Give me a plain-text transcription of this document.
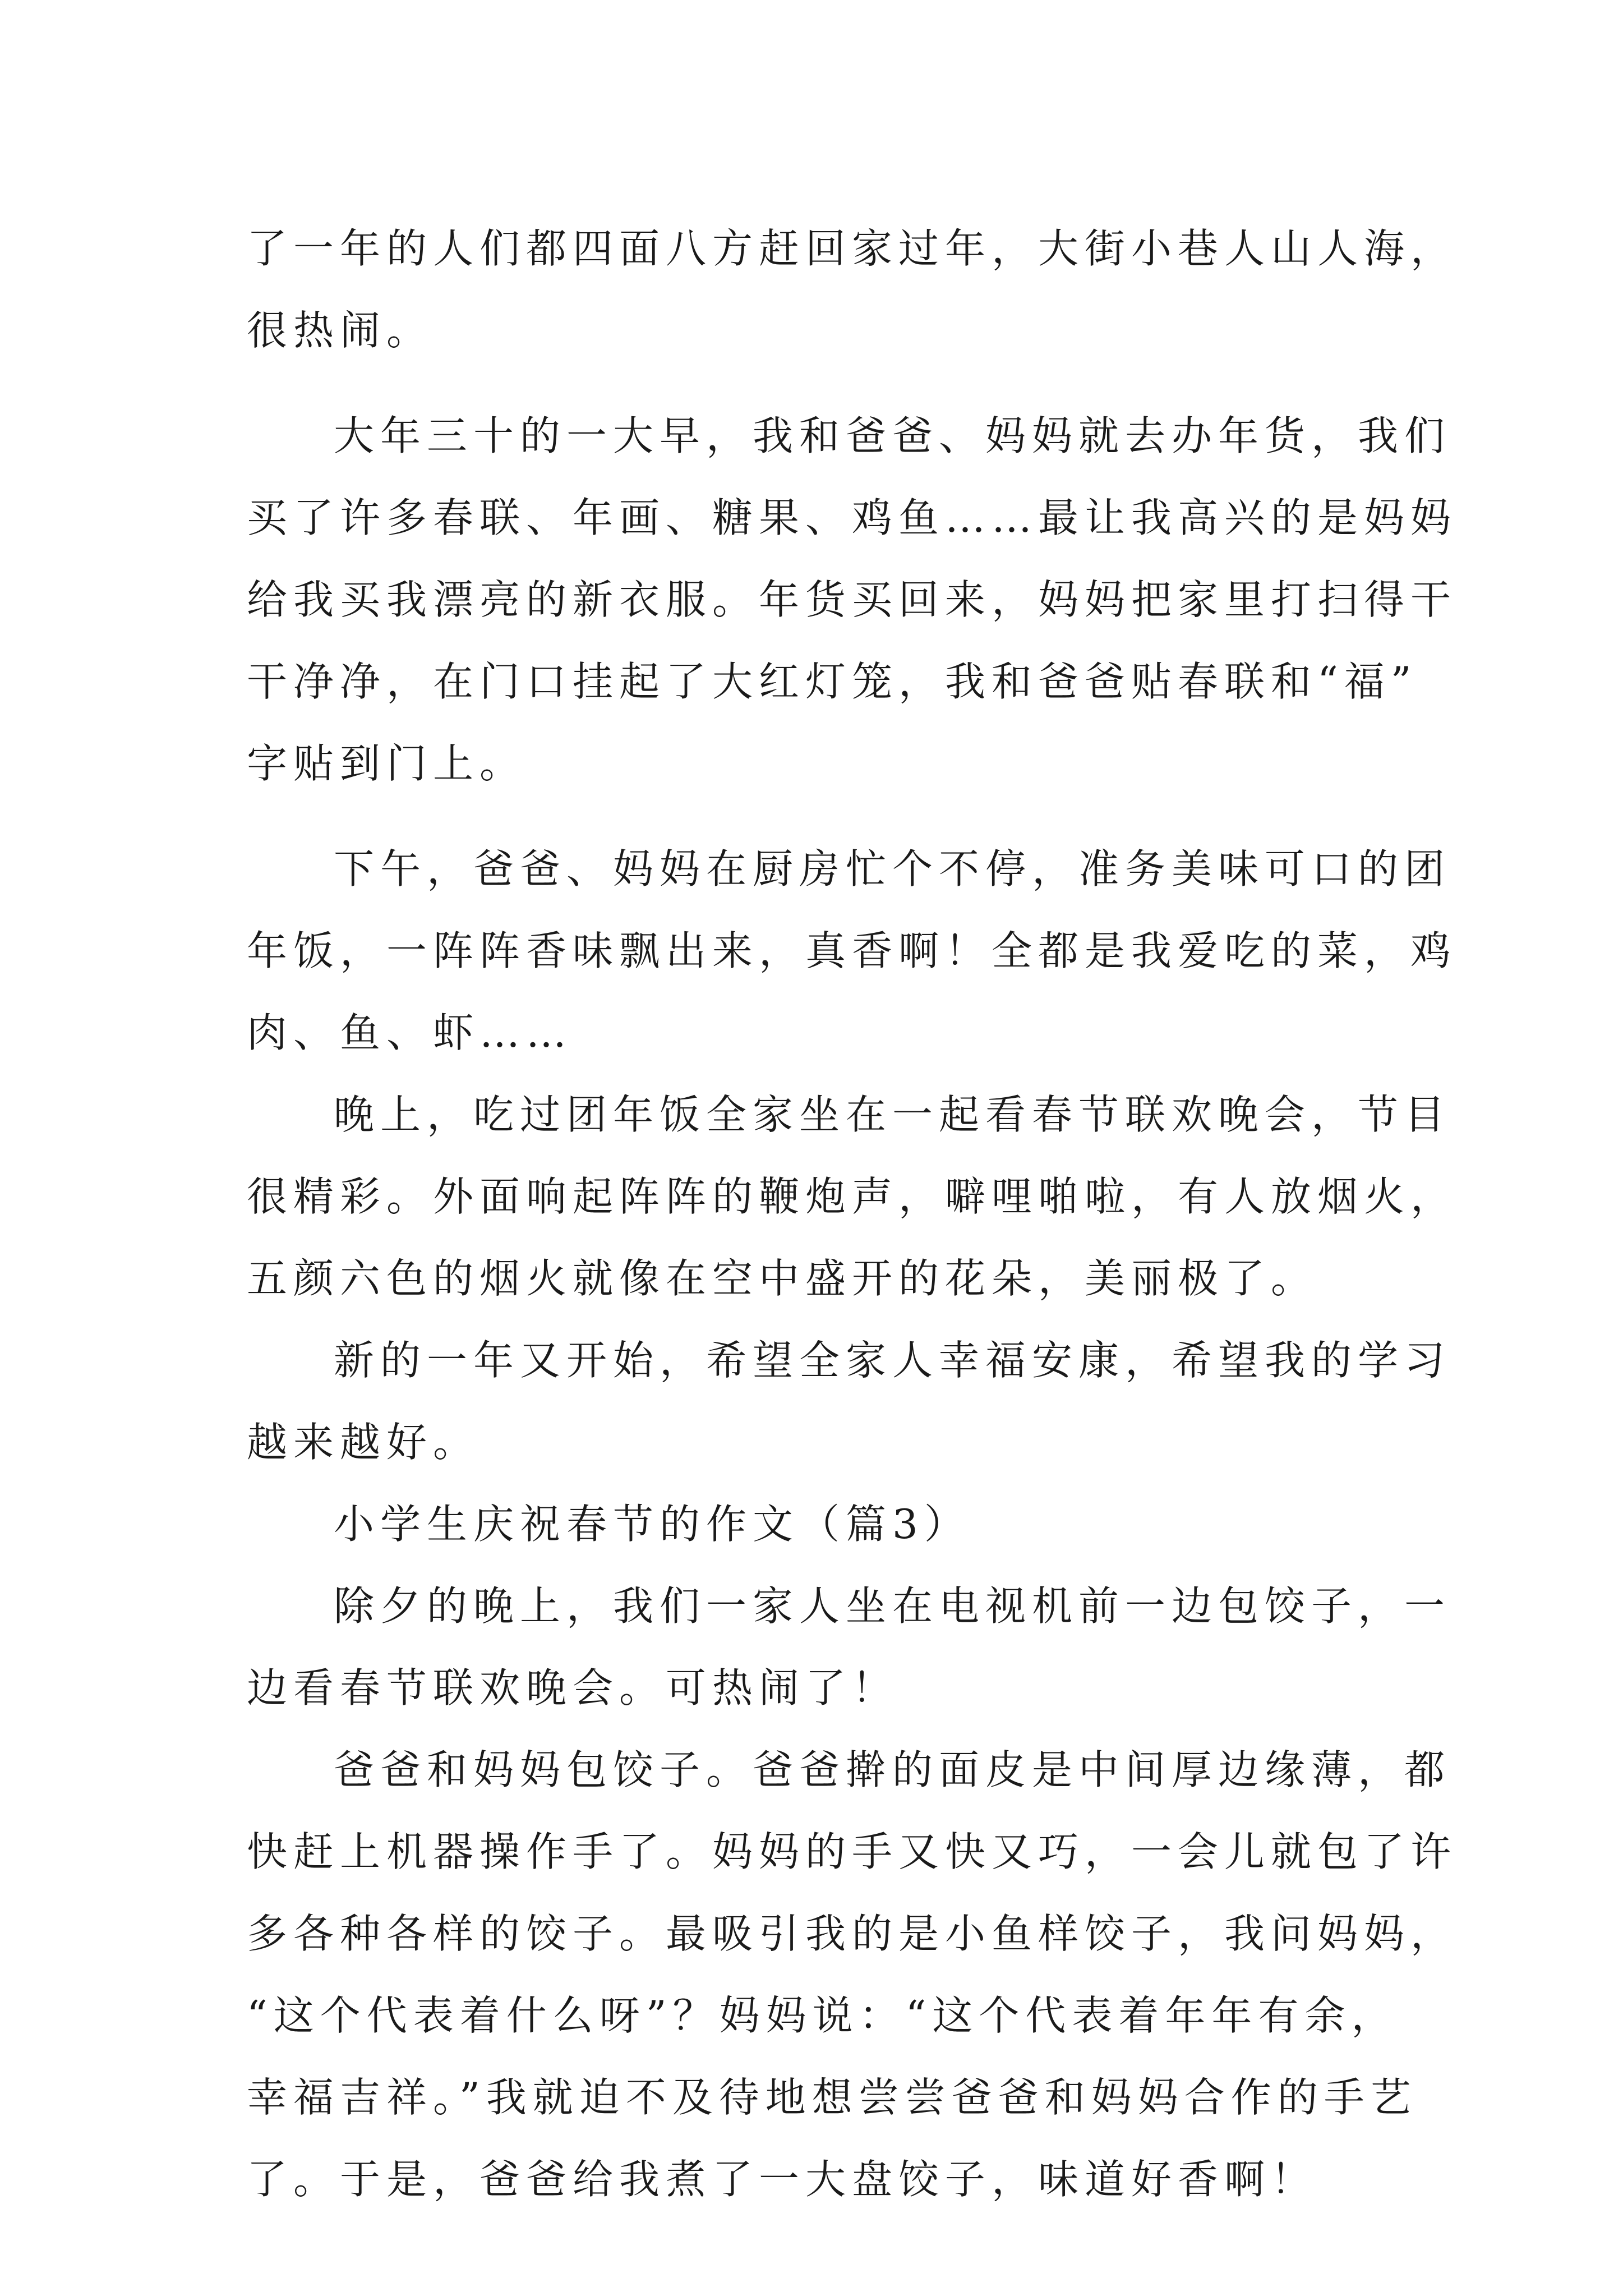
了一年的人们都四面八方赶回家过年，大街小巷人山人海，
很热闹。
大年三十的一大早，我和爸爸、妈妈就去办年货，我们
买了许多春联、年画、糖果、鸡鱼……最让我高兴的是妈妈
给我买我漂亮的新衣服。年货买回来，妈妈把家里打扫得干
干净净，在门口挂起了大红灯笼，我和爸爸贴春联和“福”
字贴到门上。
下午，爸爸、妈妈在厨房忙个不停，准务美味可口的团
年饭，一阵阵香味飘出来，真香啊！全都是我爱吃的菜，鸡
肉、鱼、虾……
晚上，吃过团年饭全家坐在一起看春节联欢晚会，节目
很精彩。外面响起阵阵的鞭炮声，噼哩啪啦，有人放烟火，
五颜六色的烟火就像在空中盛开的花朵，美丽极了。
新的一年又开始，希望全家人幸福安康，希望我的学习
越来越好。
小学生庆祝春节的作文（篇3）
除夕的晚上，我们一家人坐在电视机前一边包饺子，一
边看春节联欢晚会。可热闹了！
爸爸和妈妈包饺子。爸爸擀的面皮是中间厚边缘薄，都
快赶上机器操作手了。妈妈的手又快又巧，一会儿就包了许
多各种各样的饺子。最吸引我的是小鱼样饺子，我问妈妈，
“这个代表着什么呀”？妈妈说：“这个代表着年年有余，
幸福吉祥。”我就迫不及待地想尝尝爸爸和妈妈合作的手艺
了。于是，爸爸给我煮了一大盘饺子，味道好香啊！
